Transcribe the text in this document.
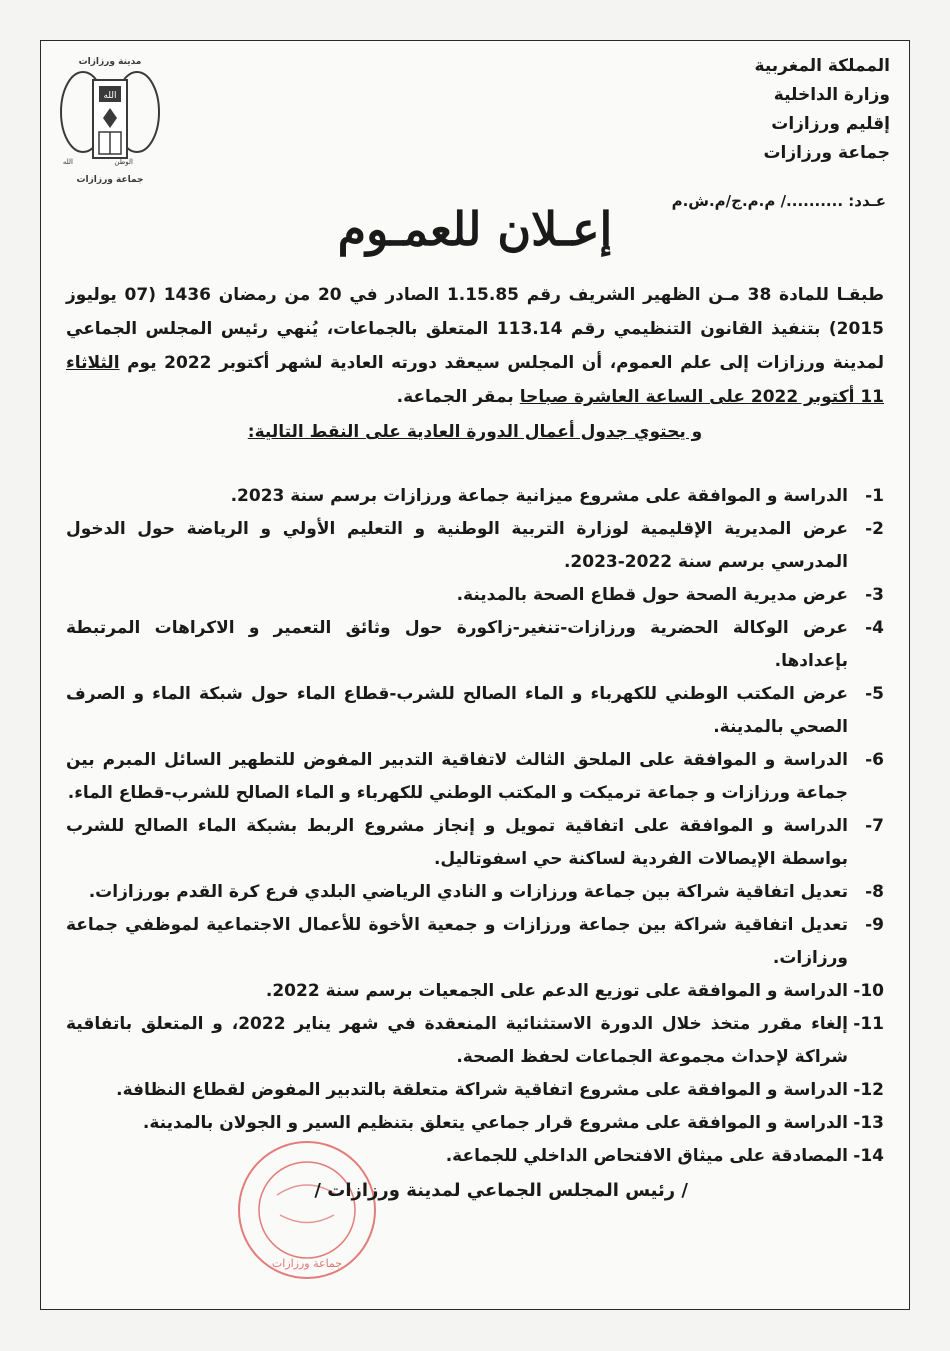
مدينة ورزازات
الله
الله	الوطن
جماعة ورزازات
المملكة المغربية
وزارة الداخلية
إقليم ورزازات
جماعة ورزازات
عـدد: ........../ م.م.ج/م.ش.م
إعـلان للعمـوم
طبقـا للمادة 38 مـن الظهير الشريف رقم 1.15.85 الصادر في 20 من رمضان 1436 (07 يوليوز 2015) بتنفيذ القانون التنظيمي رقم 113.14 المتعلق بالجماعات، يُنهي رئيس المجلس الجماعي لمدينة ورزازات إلى علم العموم، أن المجلس سيعقد دورته العادية لشهر أكتوبر 2022 يوم الثلاثاء 11 أكتوبر 2022 على الساعة العاشرة صباحا بمقر الجماعة.
و يحتوي جدول أعمال الدورة العادية على النقط التالية:
1-
الدراسة و الموافقة على مشروع ميزانية جماعة ورزازات برسم سنة 2023.
2-
عرض المديرية الإقليمية لوزارة التربية الوطنية و التعليم الأولي و الرياضة حول الدخول المدرسي برسم سنة 2022-2023.
3-
عرض مديرية الصحة حول قطاع الصحة بالمدينة.
4-
عرض الوكالة الحضرية ورزازات-تنغير-زاكورة حول وثائق التعمير و الاكراهات المرتبطة بإعدادها.
5-
عرض المكتب الوطني للكهرباء و الماء الصالح للشرب-قطاع الماء حول شبكة الماء و الصرف الصحي بالمدينة.
6-
الدراسة و الموافقة على الملحق الثالث لاتفاقية التدبير المفوض للتطهير السائل المبرم بين جماعة ورزازات و جماعة ترميكت و المكتب الوطني للكهرباء و الماء الصالح للشرب-قطاع الماء.
7-
الدراسة و الموافقة على اتفاقية تمويل و إنجاز مشروع الربط بشبكة الماء الصالح للشرب بواسطة الإيصالات الفردية لساكنة حي اسفوتاليل.
8-
تعديل اتفاقية شراكة بين جماعة ورزازات و النادي الرياضي البلدي فرع كرة القدم بورزازات.
9-
تعديل اتفاقية شراكة بين جماعة ورزازات و جمعية الأخوة للأعمال الاجتماعية لموظفي جماعة ورزازات.
10-
الدراسة و الموافقة على توزيع الدعم على الجمعيات برسم سنة 2022.
11-
إلغاء مقرر متخذ خلال الدورة الاستثنائية المنعقدة في شهر يناير 2022، و المتعلق باتفاقية شراكة لإحداث مجموعة الجماعات لحفظ الصحة.
12-
الدراسة و الموافقة على مشروع اتفاقية شراكة متعلقة بالتدبير المفوض لقطاع النظافة.
13-
الدراسة و الموافقة على مشروع قرار جماعي يتعلق بتنظيم السير و الجولان بالمدينة.
14-
المصادقة على ميثاق الافتحاص الداخلي للجماعة.
جماعة ورزازات
/ رئيس المجلس الجماعي لمدينة ورزازات /
